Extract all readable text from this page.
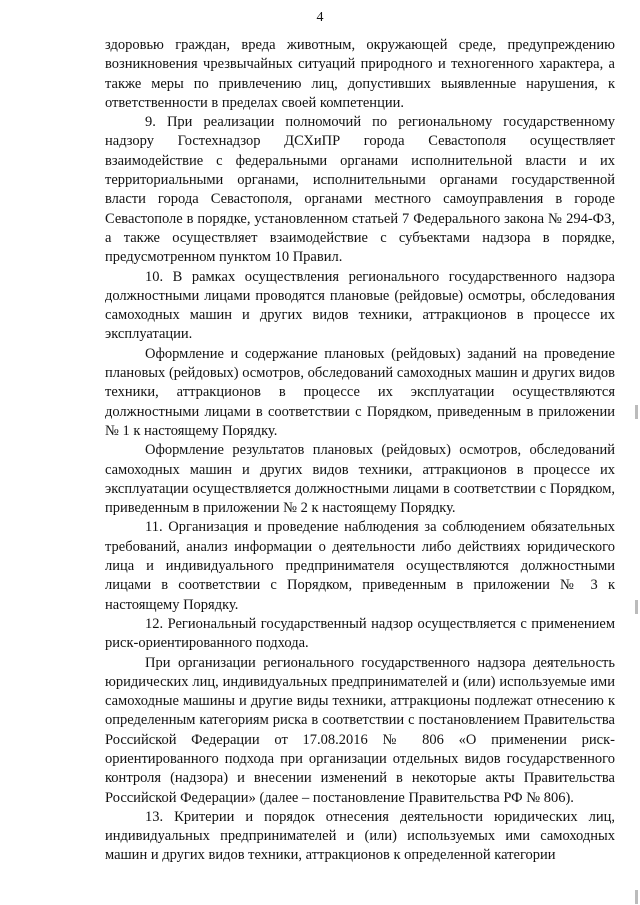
4

здоровью граждан, вреда животным, окружающей среде, предупреждению возникновения чрезвычайных ситуаций природного и техногенного характера, а также меры по привлечению лиц, допустивших выявленные нарушения, к ответственности в пределах своей компетенции.

9. При реализации полномочий по региональному государственному надзору Гостехнадзор ДСХиПР города Севастополя осуществляет взаимодействие с федеральными органами исполнительной власти и их территориальными органами, исполнительными органами государственной власти города Севастополя, органами местного самоуправления в городе Севастополе в порядке, установленном статьей 7 Федерального закона № 294-ФЗ, а также осуществляет взаимодействие с субъектами надзора в порядке, предусмотренном пунктом 10 Правил.

10. В рамках осуществления регионального государственного надзора должностными лицами проводятся плановые (рейдовые) осмотры, обследования самоходных машин и других видов техники, аттракционов в процессе их эксплуатации.

Оформление и содержание плановых (рейдовых) заданий на проведение плановых (рейдовых) осмотров, обследований самоходных машин и других видов техники, аттракционов в процессе их эксплуатации осуществляются должностными лицами в соответствии с Порядком, приведенным в приложении № 1 к настоящему Порядку.

Оформление результатов плановых (рейдовых) осмотров, обследований самоходных машин и других видов техники, аттракционов в процессе их эксплуатации осуществляется должностными лицами в соответствии с Порядком, приведенным в приложении № 2 к настоящему Порядку.

11. Организация и проведение наблюдения за соблюдением обязательных требований, анализ информации о деятельности либо действиях юридического лица и индивидуального предпринимателя осуществляются должностными лицами в соответствии с Порядком, приведенным в приложении № 3 к настоящему Порядку.

12. Региональный государственный надзор осуществляется с применением риск-ориентированного подхода.

При организации регионального государственного надзора деятельность юридических лиц, индивидуальных предпринимателей и (или) используемые ими самоходные машины и другие виды техники, аттракционы подлежат отнесению к определенным категориям риска в соответствии с постановлением Правительства Российской Федерации от 17.08.2016 № 806 «О применении риск-ориентированного подхода при организации отдельных видов государственного контроля (надзора) и внесении изменений в некоторые акты Правительства Российской Федерации» (далее – постановление Правительства РФ № 806).

13. Критерии и порядок отнесения деятельности юридических лиц, индивидуальных предпринимателей и (или) используемых ими самоходных машин и других видов техники, аттракционов к определенной категории
